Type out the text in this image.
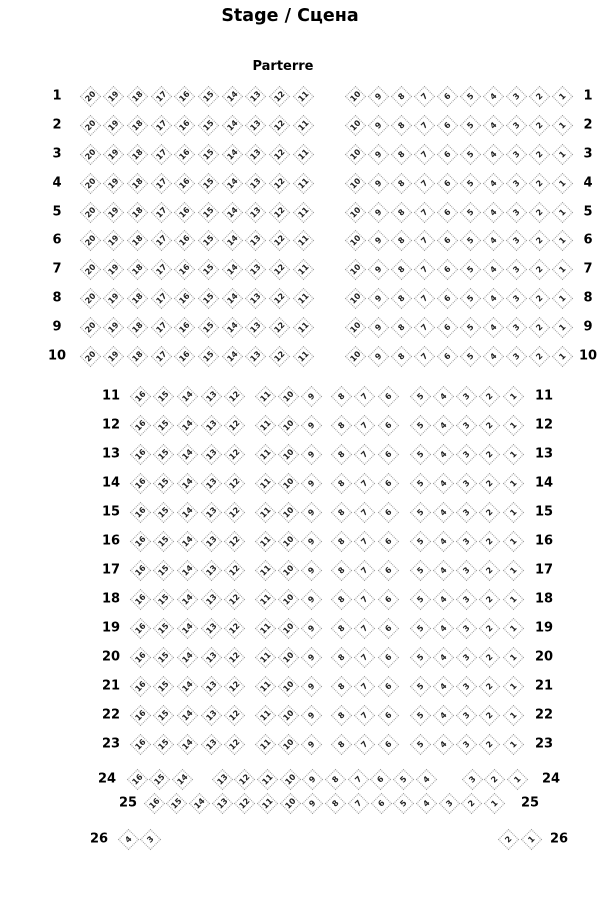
Stage / Сцена
Parterre
1	20	19	18	17	16	15	14	13	12	11	10	9	8	7	6	5	4	3	2	1	1
2	20	19	18	17	16	15	14	13	12	11	10	9	8	7	6	5	4	3	2	1	2
3	20	19	18	17	16	15	14	13	12	11	10	9	8	7	6	5	4	3	2	1	3
4	20	19	18	17	16	15	14	13	12	11	10	9	8	7	6	5	4	3	2	1	4
5	20	19	18	17	16	15	14	13	12	11	10	9	8	7	6	5	4	3	2	1	5
6	20	19	18	17	16	15	14	13	12	11	10	9	8	7	6	5	4	3	2	1	6
7	20	19	18	17	16	15	14	13	12	11	10	9	8	7	6	5	4	3	2	1	7
8	20	19	18	17	16	15	14	13	12	11	10	9	8	7	6	5	4	3	2	1	8
9	20	19	18	17	16	15	14	13	12	11	10	9	8	7	6	5	4	3	2	1	9
10	20	19	18	17	16	15	14	13	12	11	10	9	8	7	6	5	4	3	2	1 10
11	16	15	14	13	12	11	10	9	8	7	6	5	4	3	2	1	11
12	16	15	14	13	12	11	10	9	8	7	6	5	4	3	2	1	12
13	16	15	14	13	12	11	10	9	8	7	6	5	4	3	2	1	13
14	16	15	14	13	12	11	10	9	8	7	6	5	4	3	2	1	14
15	16	15	14	13	12	11	10	9	8	7	6	5	4	3	2	1	15
16	16	15	14	13	12	11	10	9	8	7	6	5	4	3	2	1	16
17	16	15	14	13	12	11	10	9	8	7	6	5	4	3	2	1	17
18	16	15	14	13	12	11	10	9	8	7	6	5	4	3	2	1	18
19	16	15	14	13	12	11	10	9	8	7	6	5	4	3	2	1	19
20	16	15	14	13	12	11	10	9	8	7	6	5	4	3	2	1	20
21	16	15	14	13	12	11	10	9	8	7	6	5	4	3	2	1	21
22	16	15	14	13	12	11	10	9	8	7	6	5	4	3	2	1	22
23	16	15	14	13	12	11	10	9	8	7	6	5	4	3	2	1	23
24	16	15	14	13	12	11	10	9	8	7	6	5	4	3	2	1	24
25	16	15	14	13	12	11	10	9	8	7	6	5	4	3	2	1	25
26	4	3	2	1	26
